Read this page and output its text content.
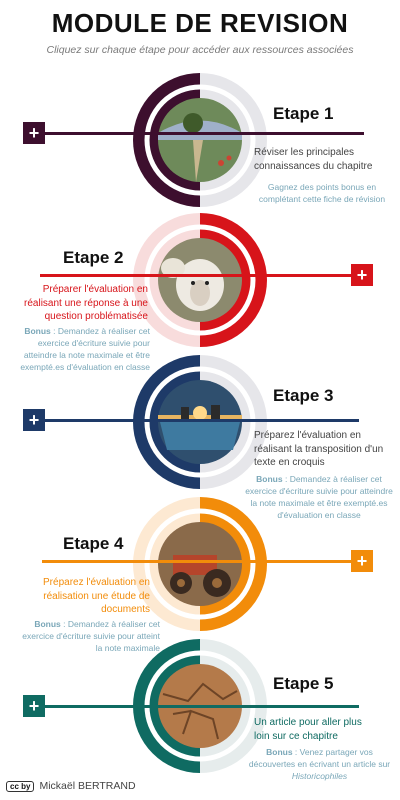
MODULE DE REVISION
Cliquez sur chaque étape pour accéder aux ressources associées
+
Etape 1
Réviser les principales connaissances du chapitre
Gagnez des points bonus en complétant cette fiche de révision
+
Etape 2
Préparer l'évaluation en réalisant une réponse à une question problématisée
Bonus : Demandez à réaliser cet exercice d'écriture suivie pour atteindre la note maximale et être exempté.es d'évaluation en classe
+
Etape 3
Préparez l'évaluation en réalisant la transposition d'un texte en croquis
Bonus : Demandez à réaliser cet exercice d'écriture suivie pour atteindre la note maximale et être exempté.es d'évaluation en classe
+
Etape 4
Préparez l'évaluation en réalisation une étude de documents
Bonus : Demandez à réaliser cet exercice d'écriture suivie pour atteint la note maximale
+
Etape 5
Un article pour aller plus loin sur ce chapitre
Bonus : Venez partager vos découvertes en écrivant un article sur Historicophiles
cc by Mickaël BERTRAND
